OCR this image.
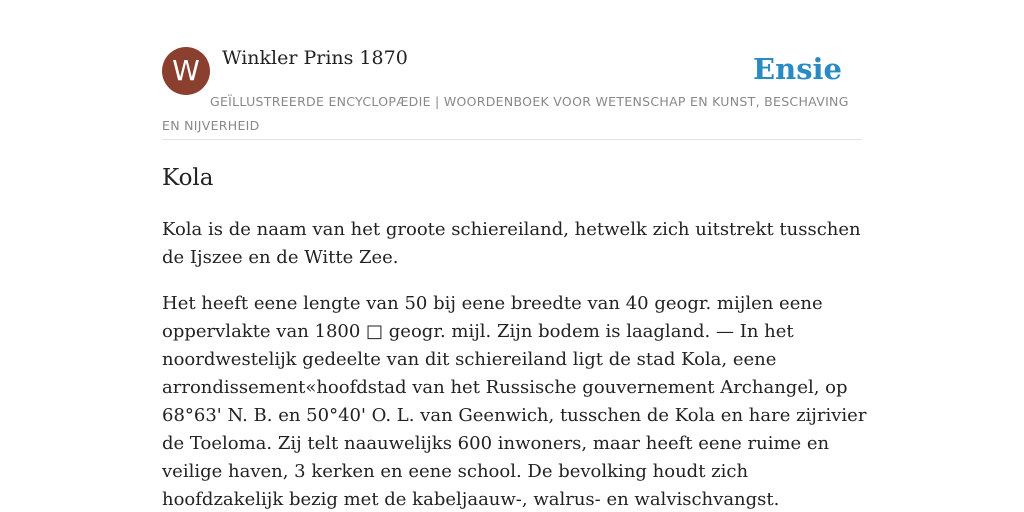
W	Winkler Prins 1870	Ensie

GEÏLLUSTREERDE ENCYCLOPÆDIE | WOORDENBOEK VOOR WETENSCHAP EN KUNST, BESCHAVING EN NIJVERHEID

Kola

Kola is de naam van het groote schiereiland, hetwelk zich uitstrekt tusschen de Ijszee en de Witte Zee.

Het heeft eene lengte van 50 bij eene breedte van 40 geogr. mijlen eene oppervlakte van 1800 □ geogr. mijl. Zijn bodem is laagland. — In het noordwestelijk gedeelte van dit schiereiland ligt de stad Kola, eene arrondissement«hoofdstad van het Russische gouvernement Archangel, op 68°63' N. B. en 50°40' O. L. van Geenwich, tusschen de Kola en hare zijrivier de Toeloma. Zij telt naauwelijks 600 inwoners, maar heeft eene ruime en veilige haven, 3 kerken en eene school. De bevolking houdt zich hoofdzakelijk bezig met de kabeljaauw-, walrus- en walvischvangst.
